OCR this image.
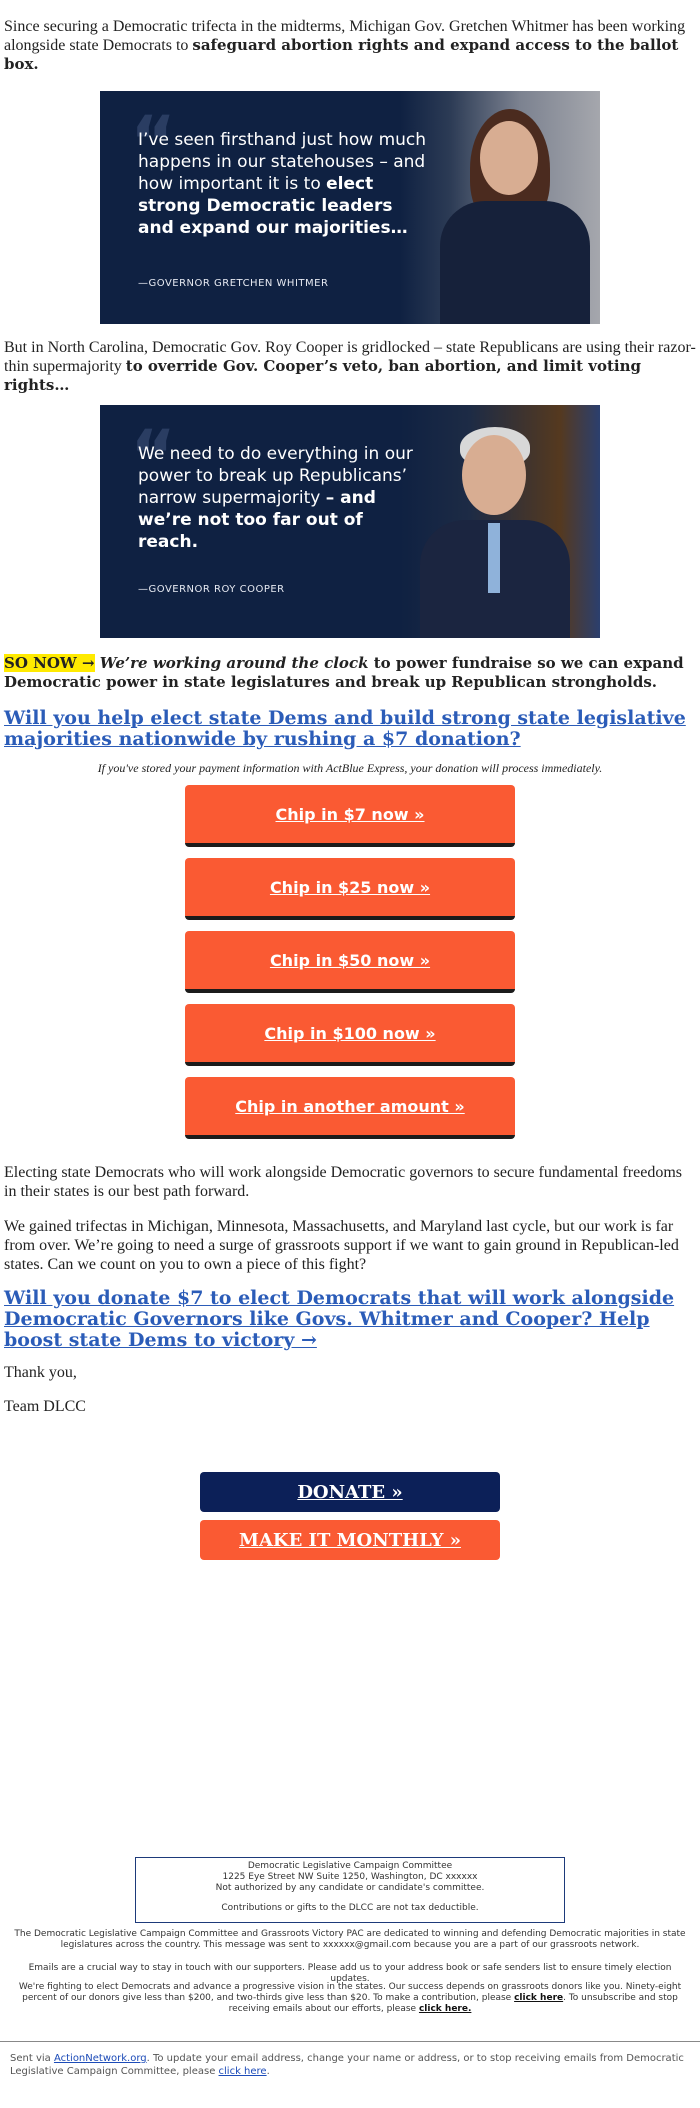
Since securing a Democratic trifecta in the midterms, Michigan Gov. Gretchen Whitmer has been working alongside state Democrats to safeguard abortion rights and expand access to the ballot box.

“
I’ve seen firsthand just how much happens in our statehouses – and how important it is to elect strong Democratic leaders and expand our majorities…
—GOVERNOR GRETCHEN WHITMER

But in North Carolina, Democratic Gov. Roy Cooper is gridlocked – state Republicans are using their razor-thin supermajority to override Gov. Cooper’s veto, ban abortion, and limit voting rights…

“
We need to do everything in our power to break up Republicans’ narrow supermajority – and we’re not too far out of reach.
—GOVERNOR ROY COOPER

SO NOW → We’re working around the clock to power fundraise so we can expand Democratic power in state legislatures and break up Republican strongholds.

Will you help elect state Dems and build strong state legislative majorities nationwide by rushing a $7 donation?

If you've stored your payment information with ActBlue Express, your donation will process immediately.

Chip in $7 now »
Chip in $25 now »
Chip in $50 now »
Chip in $100 now »
Chip in another amount »

Electing state Democrats who will work alongside Democratic governors to secure fundamental freedoms in their states is our best path forward.

We gained trifectas in Michigan, Minnesota, Massachusetts, and Maryland last cycle, but our work is far from over. We’re going to need a surge of grassroots support if we want to gain ground in Republican-led states. Can we count on you to own a piece of this fight?

Will you donate $7 to elect Democrats that will work alongside Democratic Governors like Govs. Whitmer and Cooper? Help boost state Dems to victory →

Thank you,

Team DLCC

DONATE »
MAKE IT MONTHLY »
Democratic Legislative Campaign Committee
1225 Eye Street NW Suite 1250, Washington, DC xxxxxx
Not authorized by any candidate or candidate's committee.
Contributions or gifts to the DLCC are not tax deductible.

The Democratic Legislative Campaign Committee and Grassroots Victory PAC are dedicated to winning and defending Democratic majorities in state legislatures across the country. This message was sent to xxxxxx@gmail.com because you are a part of our grassroots network.

Emails are a crucial way to stay in touch with our supporters. Please add us to your address book or safe senders list to ensure timely election updates.

We're fighting to elect Democrats and advance a progressive vision in the states. Our success depends on grassroots donors like you. Ninety-eight percent of our donors give less than $200, and two-thirds give less than $20. To make a contribution, please click here. To unsubscribe and stop receiving emails about our efforts, please click here.

Sent via ActionNetwork.org. To update your email address, change your name or address, or to stop receiving emails from Democratic Legislative Campaign Committee, please click here.
